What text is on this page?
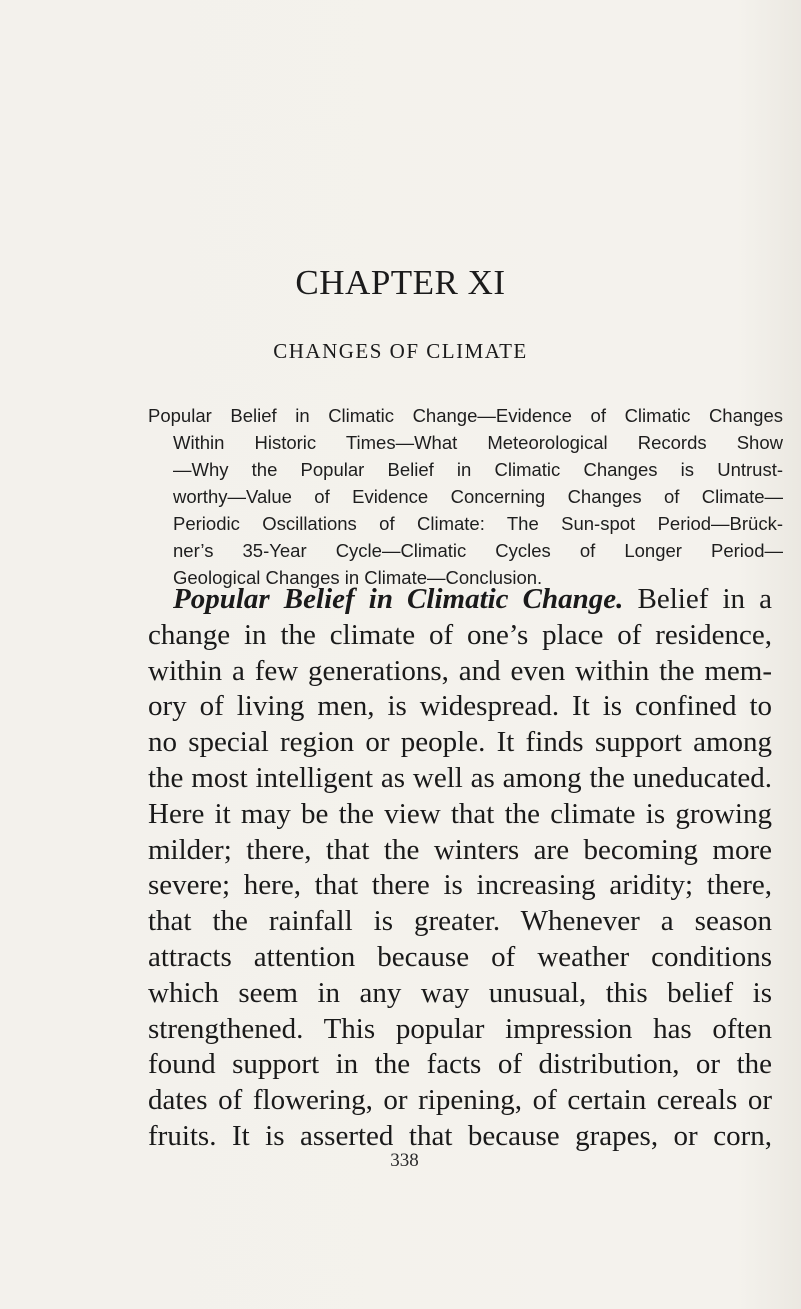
CHAPTER XI
CHANGES OF CLIMATE
Popular Belief in Climatic Change—Evidence of Climatic Changes
Within Historic Times—What Meteorological Records Show
—Why the Popular Belief in Climatic Changes is Untrust-
worthy—Value of Evidence Concerning Changes of Climate—
Periodic Oscillations of Climate: The Sun-spot Period—Brück-
ner’s 35-Year Cycle—Climatic Cycles of Longer Period—
Geological Changes in Climate—Conclusion.
Popular Belief in Climatic Change. Belief in a
change in the climate of one’s place of residence,
within a few generations, and even within the mem-
ory of living men, is widespread. It is confined to
no special region or people. It finds support among
the most intelligent as well as among the uneducated.
Here it may be the view that the climate is growing
milder; there, that the winters are becoming more
severe; here, that there is increasing aridity; there,
that the rainfall is greater. Whenever a season
attracts attention because of weather conditions
which seem in any way unusual, this belief is
strengthened. This popular impression has often
found support in the facts of distribution, or the
dates of flowering, or ripening, of certain cereals or
fruits. It is asserted that because grapes, or corn,
338
